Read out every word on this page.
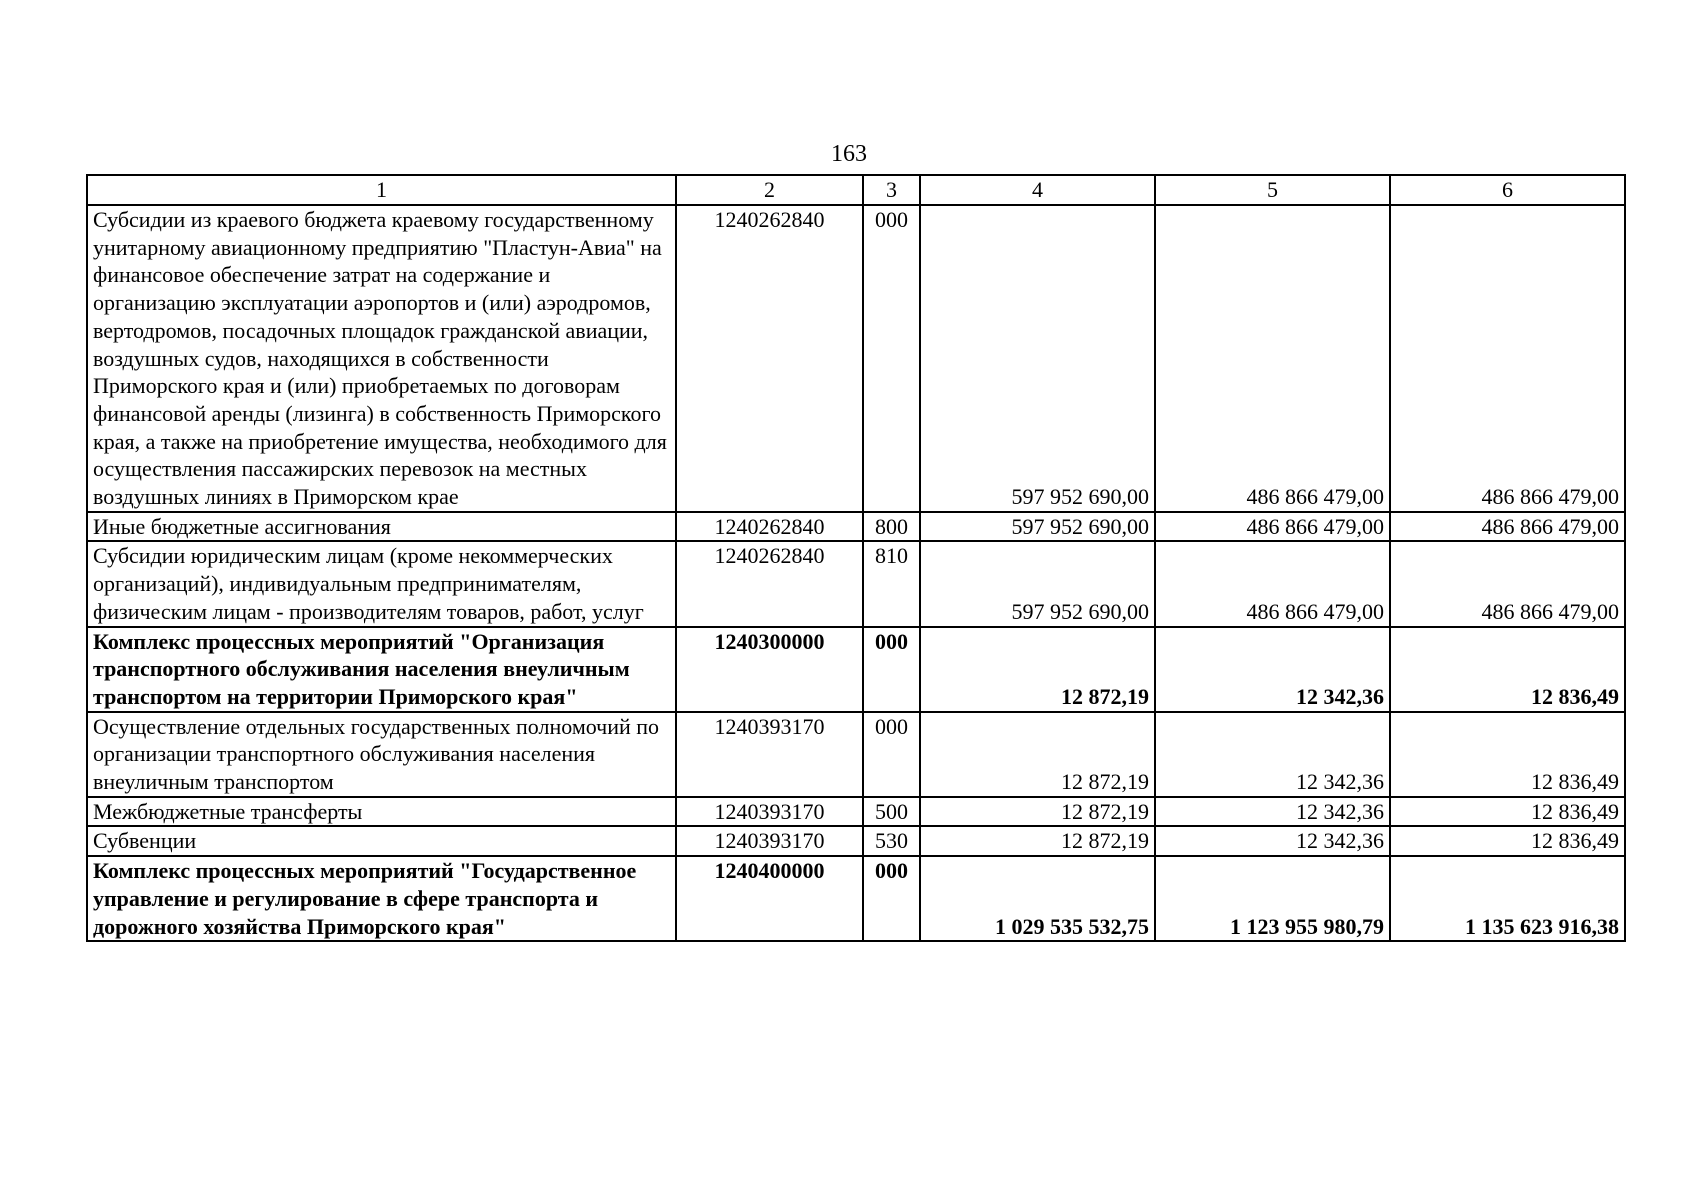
163
1	2	3	4	5	6
Субсидии из краевого бюджета краевому государственному унитарному авиационному предприятию "Пластун-Авиа" на финансовое обеспечение затрат на содержание и организацию эксплуатации аэропортов и (или) аэродромов, вертодромов, посадочных площадок гражданской авиации, воздушных судов, находящихся в собственности Приморского края и (или) приобретаемых по договорам финансовой аренды (лизинга) в собственность Приморского края, а также на приобретение имущества, необходимого для осуществления пассажирских перевозок на местных воздушных линиях в Приморском крае	1240262840	000	597 952 690,00	486 866 479,00	486 866 479,00
Иные бюджетные ассигнования	1240262840	800	597 952 690,00	486 866 479,00	486 866 479,00
Субсидии юридическим лицам (кроме некоммерческих организаций), индивидуальным предпринимателям, физическим лицам - производителям товаров, работ, услуг	1240262840	810	597 952 690,00	486 866 479,00	486 866 479,00
Комплекс процессных мероприятий "Организация транспортного обслуживания населения внеуличным транспортом на территории Приморского края"	1240300000	000	12 872,19	12 342,36	12 836,49
Осуществление отдельных государственных полномочий по организации транспортного обслуживания населения внеуличным транспортом	1240393170	000	12 872,19	12 342,36	12 836,49
Межбюджетные трансферты	1240393170	500	12 872,19	12 342,36	12 836,49
Субвенции	1240393170	530	12 872,19	12 342,36	12 836,49
Комплекс процессных мероприятий "Государственное управление и регулирование в сфере транспорта и дорожного хозяйства Приморского края"	1240400000	000	1 029 535 532,75	1 123 955 980,79	1 135 623 916,38
